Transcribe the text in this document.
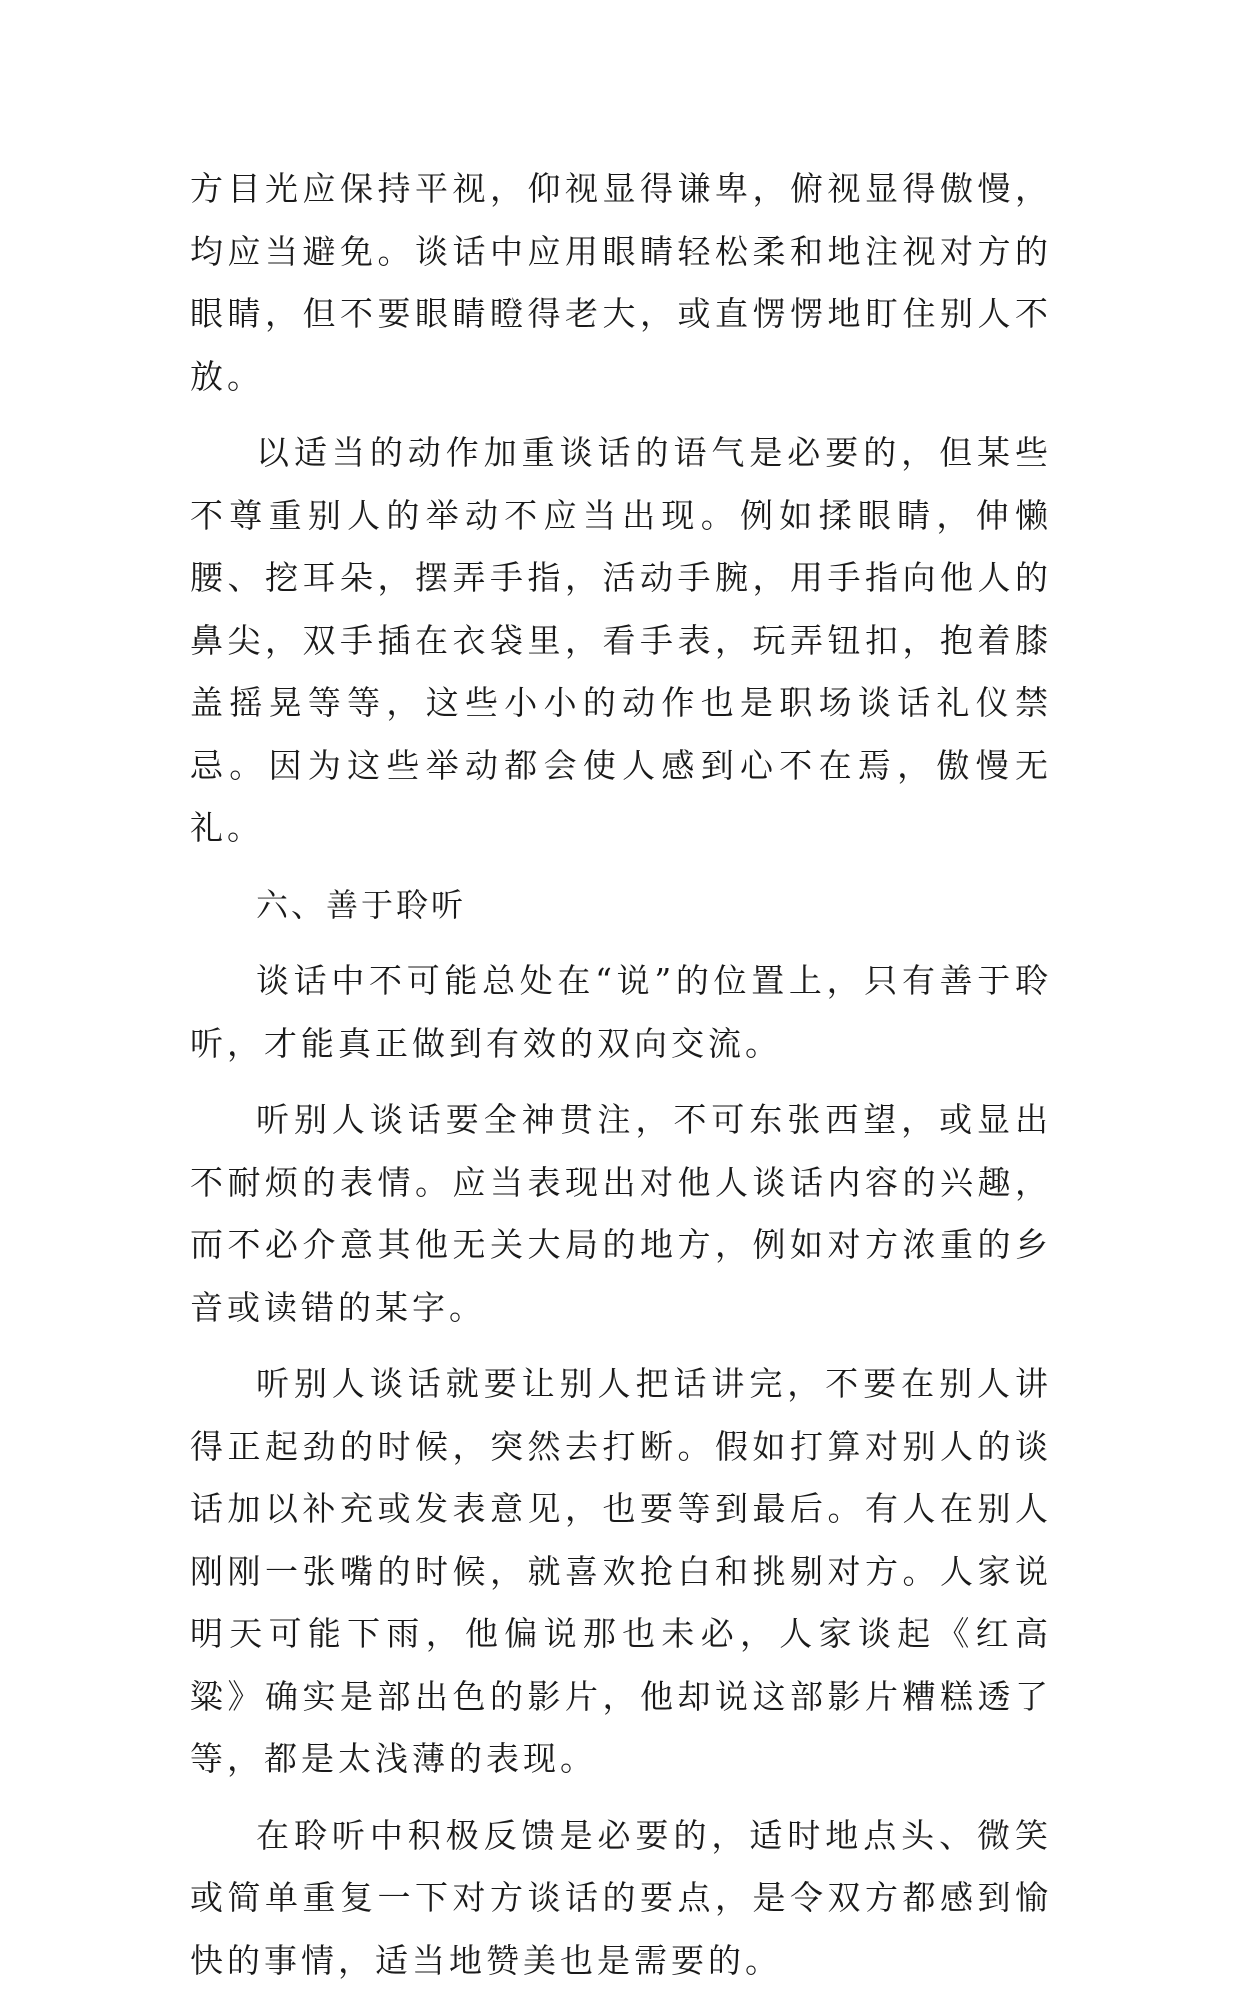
方目光应保持平视，仰视显得谦卑，俯视显得傲慢，均应当避免。谈话中应用眼睛轻松柔和地注视对方的眼睛，但不要眼睛瞪得老大，或直愣愣地盯住别人不放。

以适当的动作加重谈话的语气是必要的，但某些不尊重别人的举动不应当出现。例如揉眼睛，伸懒腰、挖耳朵，摆弄手指，活动手腕，用手指向他人的鼻尖，双手插在衣袋里，看手表，玩弄钮扣，抱着膝盖摇晃等等，这些小小的动作也是职场谈话礼仪禁忌。因为这些举动都会使人感到心不在焉，傲慢无礼。

六、善于聆听

谈话中不可能总处在“说”的位置上，只有善于聆听，才能真正做到有效的双向交流。

听别人谈话要全神贯注，不可东张西望，或显出不耐烦的表情。应当表现出对他人谈话内容的兴趣，而不必介意其他无关大局的地方，例如对方浓重的乡音或读错的某字。

听别人谈话就要让别人把话讲完，不要在别人讲得正起劲的时候，突然去打断。假如打算对别人的谈话加以补充或发表意见，也要等到最后。有人在别人刚刚一张嘴的时候，就喜欢抢白和挑剔对方。人家说明天可能下雨，他偏说那也未必，人家谈起《红高粱》确实是部出色的影片，他却说这部影片糟糕透了等，都是太浅薄的表现。

在聆听中积极反馈是必要的，适时地点头、微笑或简单重复一下对方谈话的要点，是令双方都感到愉快的事情，适当地赞美也是需要的。
